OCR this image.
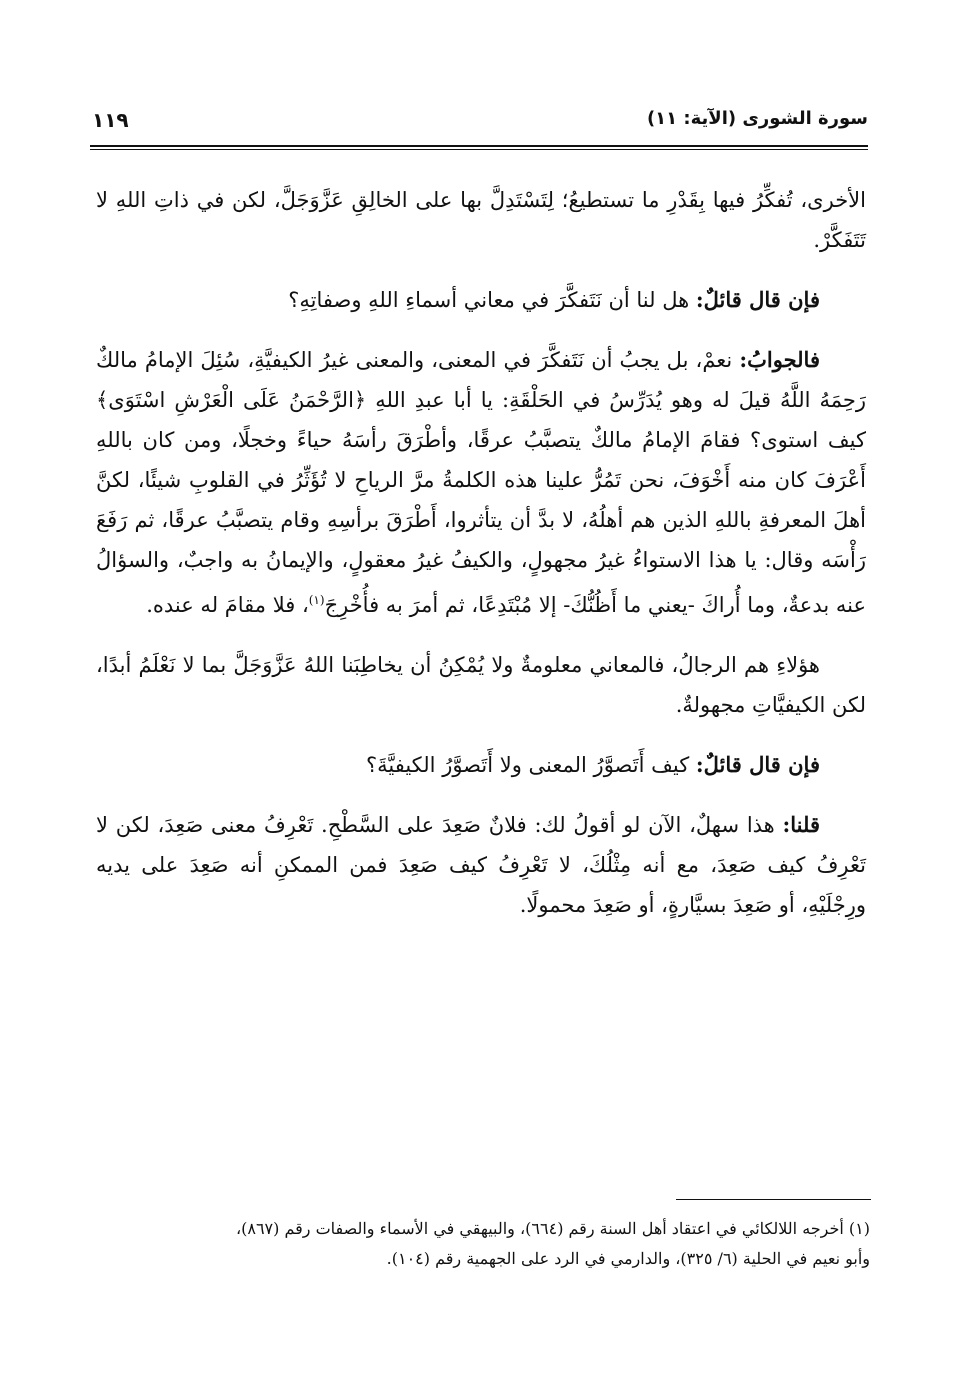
سورة الشورى (الآية: ١١)
١١٩

الأخرى، تُفكِّرُ فيها بِقَدْرِ ما تستطيعُ؛ لِتَسْتَدِلَّ بها على الخالِقِ عَزَّوَجَلَّ، لكن في ذاتِ اللهِ لا تَتَفَكَّرْ.

فإن قال قائلٌ: هل لنا أن نَتَفكَّرَ في معاني أسماءِ اللهِ وصفاتِهِ؟

فالجوابُ: نعمْ، بل يجبُ أن نَتَفكَّرَ في المعنى، والمعنى غيرُ الكيفيَّةِ، سُئِلَ الإمامُ مالكٌ رَحِمَهُ اللَّهُ قيلَ له وهو يُدَرِّسُ في الحَلْقَةِ: يا أبا عبدِ اللهِ ﴿الرَّحْمَنُ عَلَى الْعَرْشِ اسْتَوَى﴾ كيف استوى؟ فقامَ الإمامُ مالكٌ يتصبَّبُ عرقًا، وأطْرَقَ رأسَهُ حياءً وخجلًا، ومن كان باللهِ أَعْرَفَ كان منه أَخْوَفَ، نحن تَمُرُّ علينا هذه الكلمةُ مرَّ الرياحِ لا تُؤَثِّرُ في القلوبِ شيئًا، لكنَّ أهلَ المعرفةِ باللهِ الذين هم أهلُهُ، لا بدَّ أن يتأثروا، أَطْرَقَ برأسِهِ وقام يتصبَّبُ عرقًا، ثم رَفَعَ رَأْسَه وقال: يا هذا الاستواءُ غيرُ مجهولٍ، والكيفُ غيرُ معقولٍ، والإيمانُ به واجبٌ، والسؤالُ عنه بدعةٌ، وما أُراكَ -يعني ما أَظُنُّكَ- إلا مُبْتَدِعًا، ثم أمرَ به فأُخْرِجَ$^{(١)}$، فلا مقامَ له عنده.

هؤلاءِ هم الرجالُ، فالمعاني معلومةٌ ولا يُمْكِنُ أن يخاطِبَنا اللهُ عَزَّوَجَلَّ بما لا نَعْلَمُ أبدًا، لكن الكيفيَّاتِ مجهولةٌ.

فإن قال قائلٌ: كيف أَتَصوَّرُ المعنى ولا أَتَصوَّرُ الكيفيَّةَ؟

قلنا: هذا سهلٌ، الآن لو أقولُ لك: فلانٌ صَعِدَ على السَّطْحِ. تَعْرِفُ معنى صَعِدَ، لكن لا تَعْرِفُ كيف صَعِدَ، مع أنه مِثْلُكَ، لا تَعْرِفُ كيف صَعِدَ فمن الممكنِ أنه صَعِدَ على يديه ورِجْلَيْهِ، أو صَعِدَ بسيَّارةٍ، أو صَعِدَ محمولًا.

(١) أخرجه اللالكائي في اعتقاد أهل السنة رقم (٦٦٤)، والبيهقي في الأسماء والصفات رقم (٨٦٧)،

وأبو نعيم في الحلية (٦/ ٣٢٥)، والدارمي في الرد على الجهمية رقم (١٠٤).
